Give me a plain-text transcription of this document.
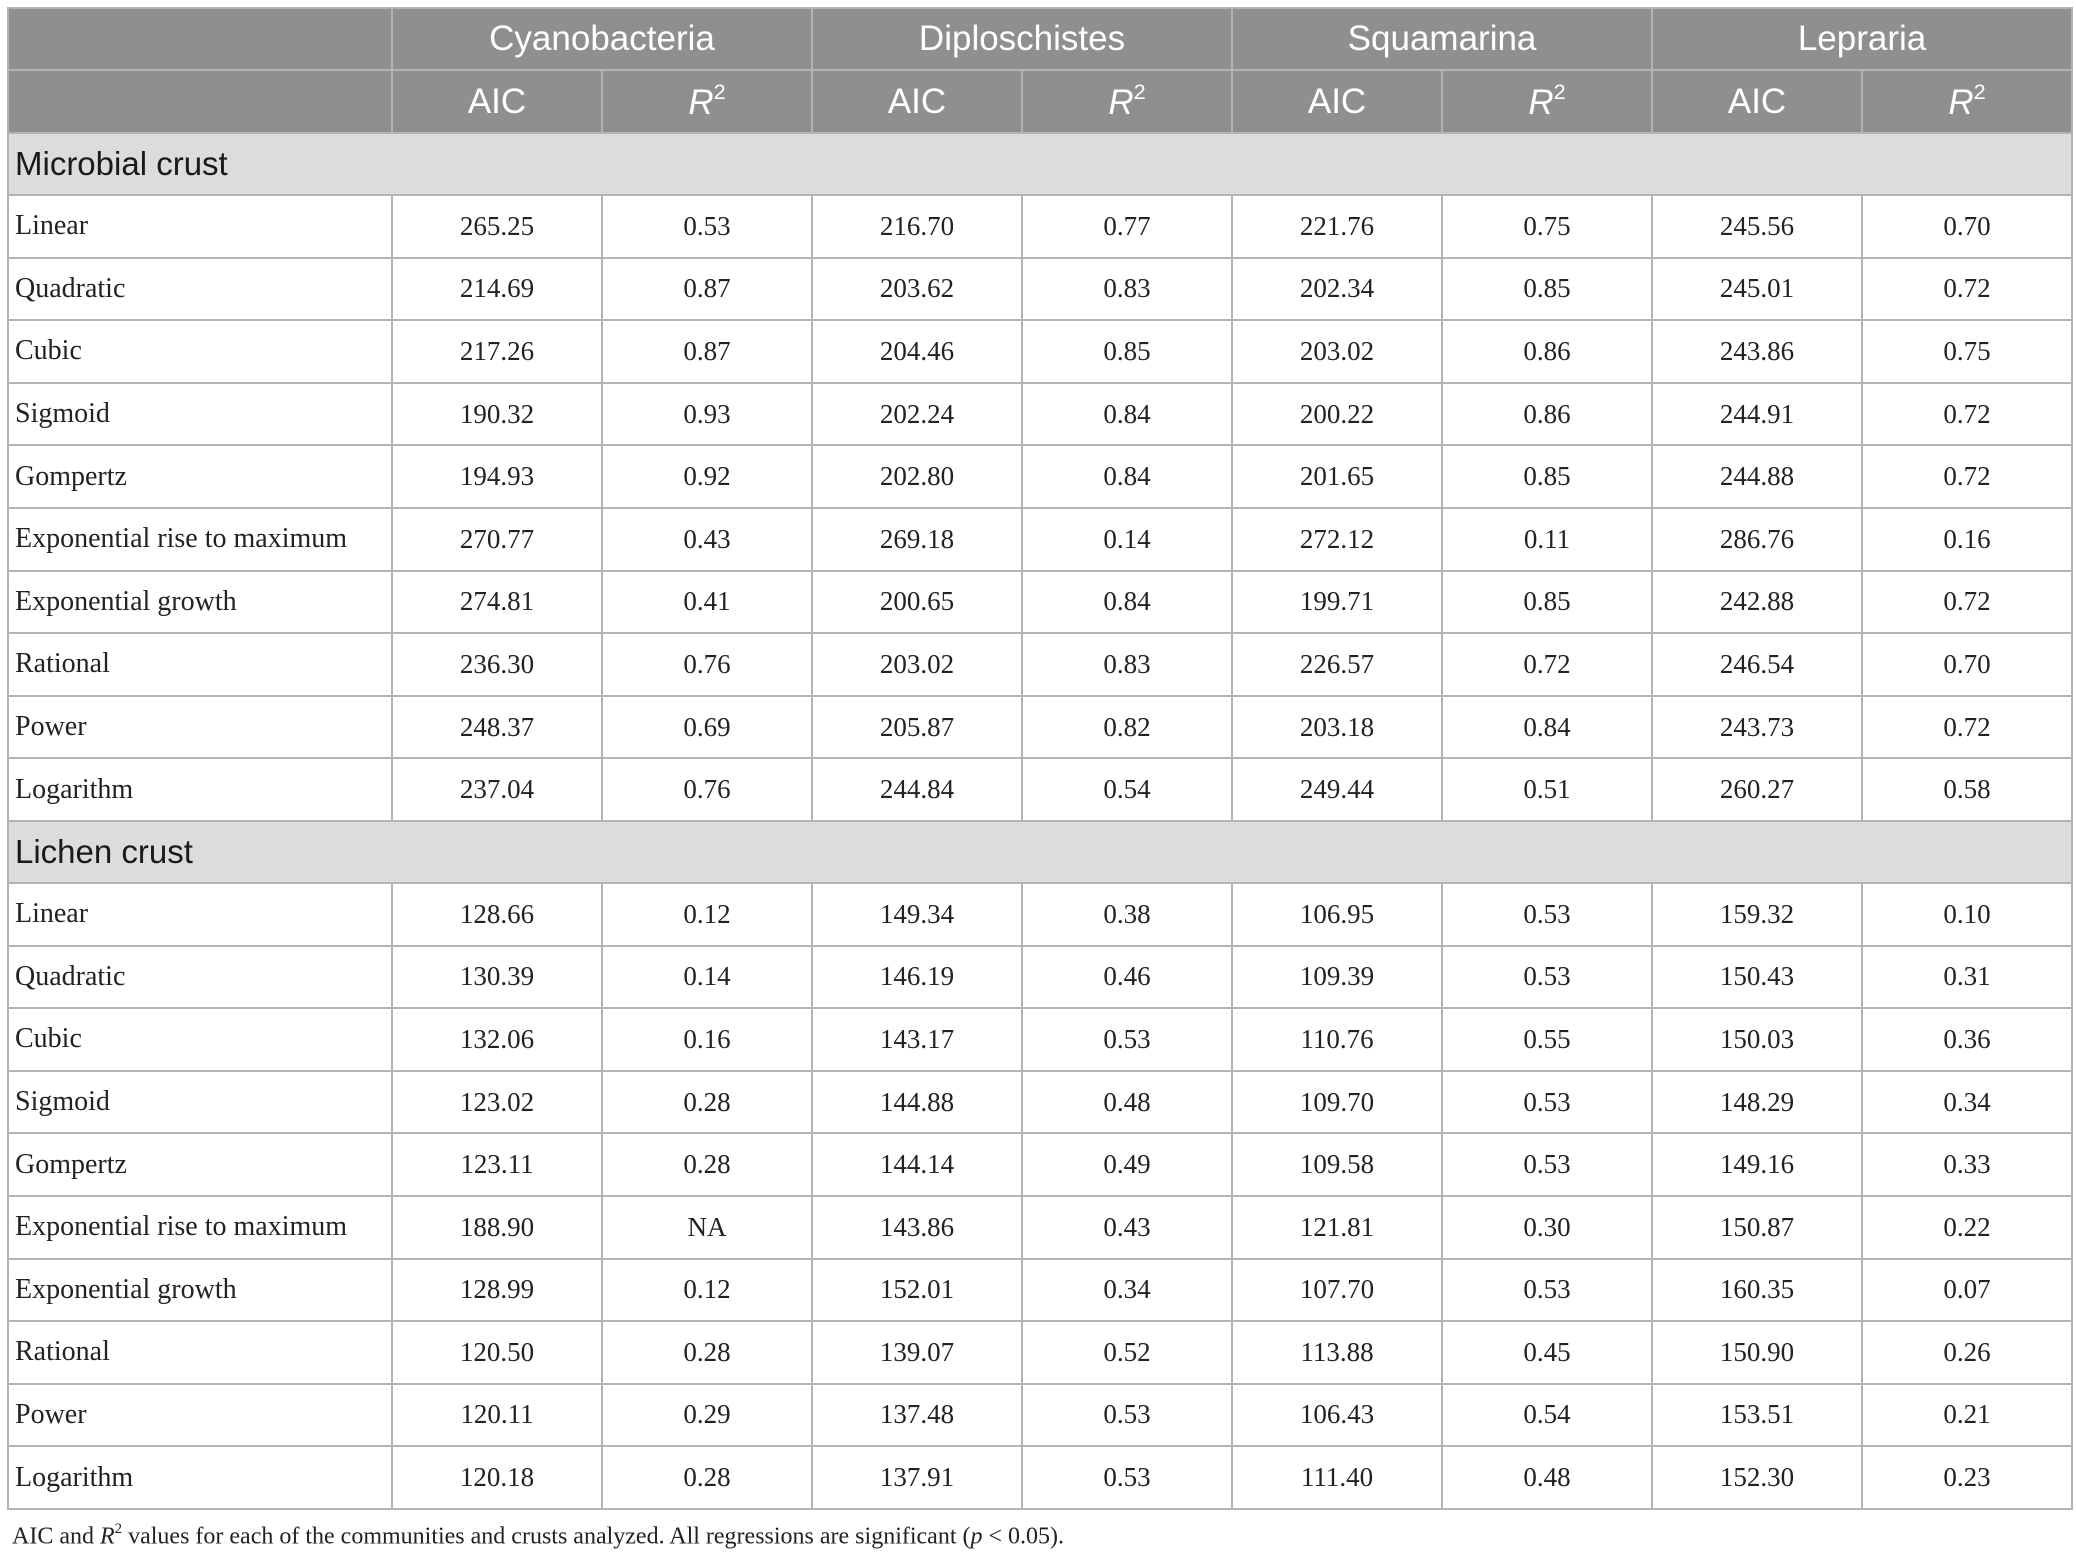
	Cyanobacteria		Diploschistes		Squamarina		Lepraria	
	AIC	$R^2$	AIC	$R^2$	AIC	$R^2$	AIC	$R^2$
Microbial crust								
Linear	265.25	0.53	216.70	0.77	221.76	0.75	245.56	0.70
Quadratic	214.69	0.87	203.62	0.83	202.34	0.85	245.01	0.72
Cubic	217.26	0.87	204.46	0.85	203.02	0.86	243.86	0.75
Sigmoid	190.32	0.93	202.24	0.84	200.22	0.86	244.91	0.72
Gompertz	194.93	0.92	202.80	0.84	201.65	0.85	244.88	0.72
Exponential rise to maximum	270.77	0.43	269.18	0.14	272.12	0.11	286.76	0.16
Exponential growth	274.81	0.41	200.65	0.84	199.71	0.85	242.88	0.72
Rational	236.30	0.76	203.02	0.83	226.57	0.72	246.54	0.70
Power	248.37	0.69	205.87	0.82	203.18	0.84	243.73	0.72
Logarithm	237.04	0.76	244.84	0.54	249.44	0.51	260.27	0.58
Lichen crust								
Linear	128.66	0.12	149.34	0.38	106.95	0.53	159.32	0.10
Quadratic	130.39	0.14	146.19	0.46	109.39	0.53	150.43	0.31
Cubic	132.06	0.16	143.17	0.53	110.76	0.55	150.03	0.36
Sigmoid	123.02	0.28	144.88	0.48	109.70	0.53	148.29	0.34
Gompertz	123.11	0.28	144.14	0.49	109.58	0.53	149.16	0.33
Exponential rise to maximum	188.90	NA	143.86	0.43	121.81	0.30	150.87	0.22
Exponential growth	128.99	0.12	152.01	0.34	107.70	0.53	160.35	0.07
Rational	120.50	0.28	139.07	0.52	113.88	0.45	150.90	0.26
Power	120.11	0.29	137.48	0.53	106.43	0.54	153.51	0.21
Logarithm	120.18	0.28	137.91	0.53	111.40	0.48	152.30	0.23
AIC and $R^2$ values for each of the communities and crusts analyzed. All regressions are significant (p < 0.05).
